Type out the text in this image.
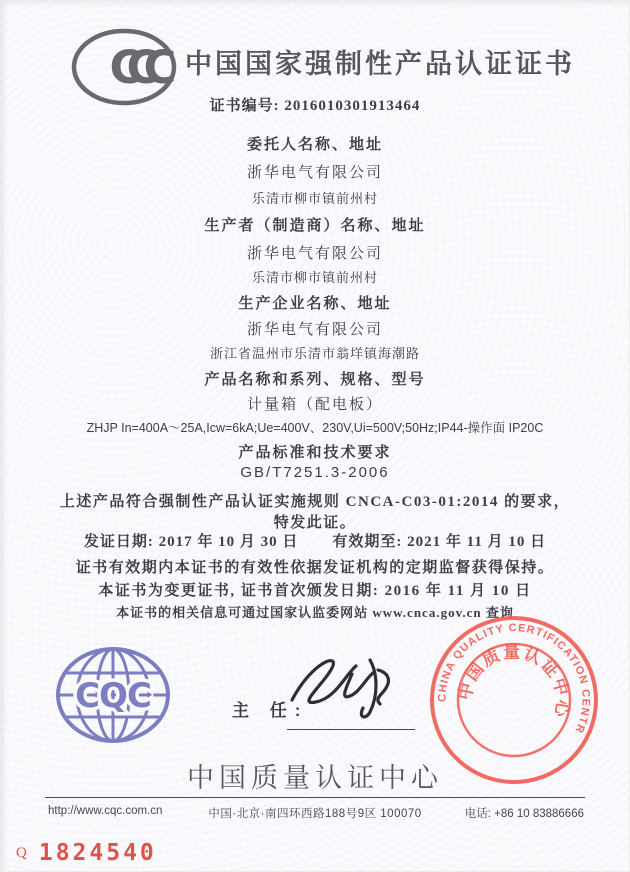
CCC 中国国家强制性产品认证证书
证书编号: 2016010301913464
委托人名称、地址
浙华电气有限公司
乐清市柳市镇前州村
生产者（制造商）名称、地址
浙华电气有限公司
乐清市柳市镇前州村
生产企业名称、地址
浙华电气有限公司
浙江省温州市乐清市翁垟镇海潮路
产品名称和系列、规格、型号
计量箱（配电板）
ZHJP In=400A～25A,Icw=6kA;Ue=400V、230V,Ui=500V;50Hz;IP44-操作面 IP20C
产品标准和技术要求
GB/T7251.3-2006
上述产品符合强制性产品认证实施规则 CNCA-C03-01:2014 的要求，
特发此证。
发证日期: 2017 年 10 月 30 日 有效期至: 2021 年 11 月 10 日
证书有效期内本证书的有效性依据发证机构的定期监督获得保持。
本证书为变更证书, 证书首次颁发日期: 2016 年 11 月 10 日
本证书的相关信息可通过国家认监委网站 www.cnca.gov.cn 查询
CQC	主 任:
CHINA QUALITY CERTIFICATION CENTRE
中国质量认证中心
中国质量认证中心
http://www.cqc.com.cn	中国·北京·南四环西路188号9区 100070	电话: +86 10 83886666
Q 1824540
